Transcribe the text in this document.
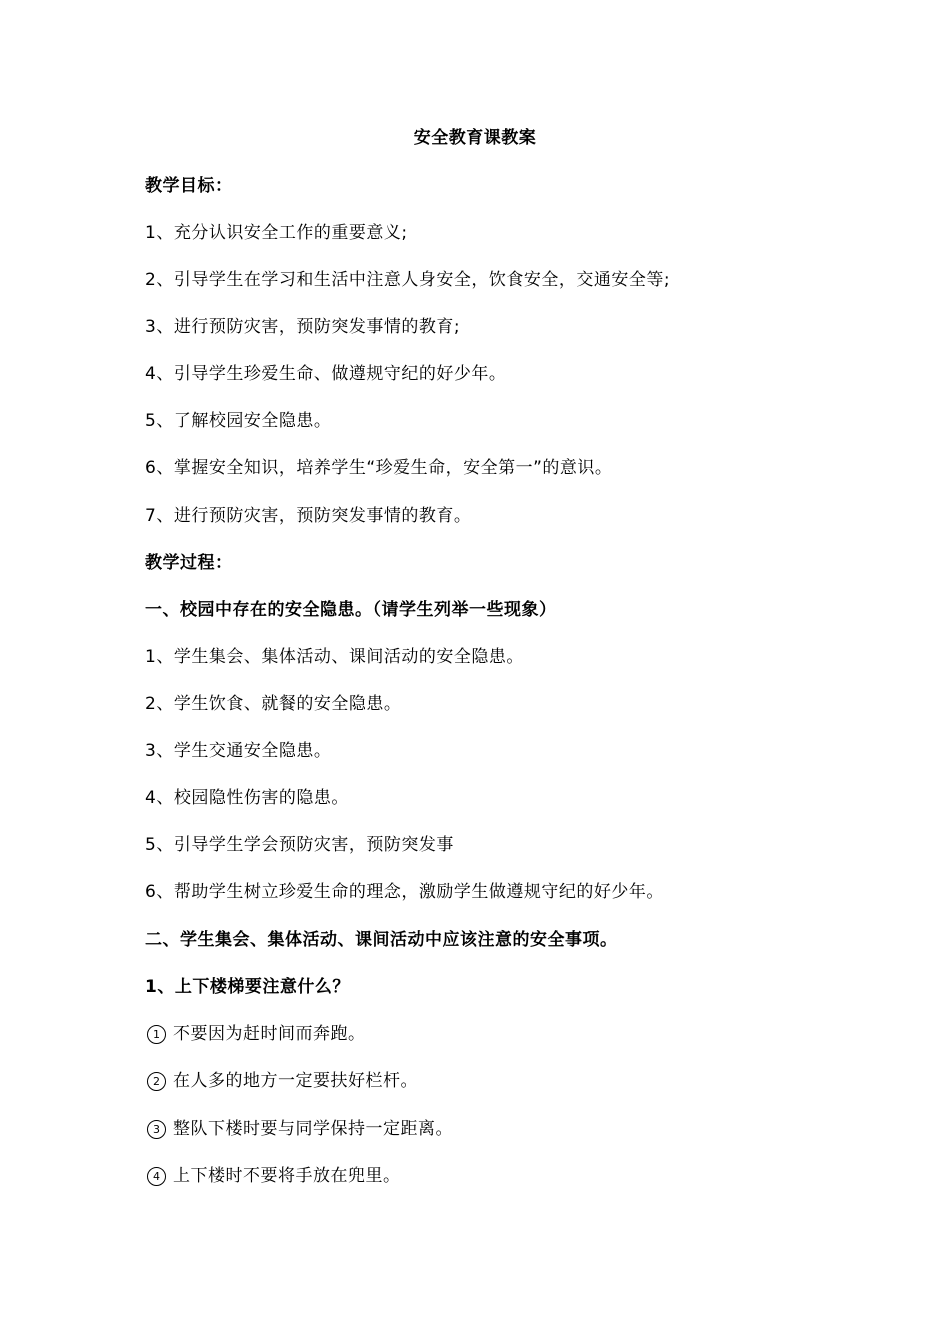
安全教育课教案
教学目标：
1、充分认识安全工作的重要意义;
2、引导学生在学习和生活中注意人身安全，饮食安全，交通安全等;
3、进行预防灾害，预防突发事情的教育;
4、引导学生珍爱生命、做遵规守纪的好少年。
5、了解校园安全隐患。
6、掌握安全知识，培养学生“珍爱生命，安全第一”的意识。
7、进行预防灾害，预防突发事情的教育。
教学过程：
一、校园中存在的安全隐患。（请学生列举一些现象）
1、学生集会、集体活动、课间活动的安全隐患。
2、学生饮食、就餐的安全隐患。
3、学生交通安全隐患。
4、校园隐性伤害的隐患。
5、引导学生学会预防灾害，预防突发事
6、帮助学生树立珍爱生命的理念，激励学生做遵规守纪的好少年。
二、学生集会、集体活动、课间活动中应该注意的安全事项。
1、上下楼梯要注意什么？
1 不要因为赶时间而奔跑。
2 在人多的地方一定要扶好栏杆。
3 整队下楼时要与同学保持一定距离。
4 上下楼时不要将手放在兜里。
